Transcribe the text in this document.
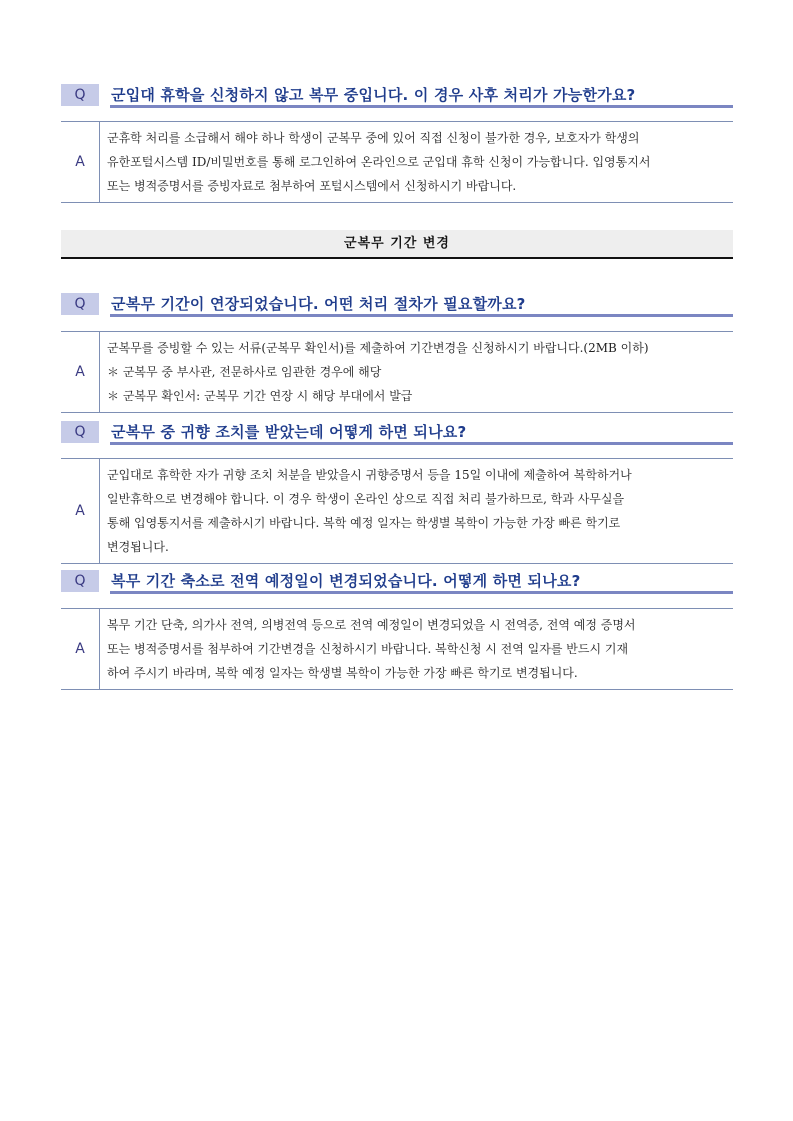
Q	군입대 휴학을 신청하지 않고 복무 중입니다. 이 경우 사후 처리가 가능한가요?
A
군휴학 처리를 소급해서 해야 하나 학생이 군복무 중에 있어 직접 신청이 불가한 경우, 보호자가 학생의
유한포털시스템 ID/비밀번호를 통해 로그인하여 온라인으로 군입대 휴학 신청이 가능합니다. 입영통지서
또는 병적증명서를 증빙자료로 첨부하여 포털시스템에서 신청하시기 바랍니다.
군복무 기간 변경
Q	군복무 기간이 연장되었습니다. 어떤 처리 절차가 필요할까요?
A
군복무를 증빙할 수 있는 서류(군복무 확인서)를 제출하여 기간변경을 신청하시기 바랍니다.(2MB 이하)
＊ 군복무 중 부사관, 전문하사로 임관한 경우에 해당
＊ 군복무 확인서: 군복무 기간 연장 시 해당 부대에서 발급
Q	군복무 중 귀향 조치를 받았는데 어떻게 하면 되나요?
A
군입대로 휴학한 자가 귀향 조치 처분을 받았을시 귀향증명서 등을 15일 이내에 제출하여 복학하거나
일반휴학으로 변경해야 합니다. 이 경우 학생이 온라인 상으로 직접 처리 불가하므로, 학과 사무실을
통해 입영통지서를 제출하시기 바랍니다. 복학 예정 일자는 학생별 복학이 가능한 가장 빠른 학기로
변경됩니다.
Q	복무 기간 축소로 전역 예정일이 변경되었습니다. 어떻게 하면 되나요?
A
복무 기간 단축, 의가사 전역, 의병전역 등으로 전역 예정일이 변경되었을 시 전역증, 전역 예정 증명서
또는 병적증명서를 첨부하여 기간변경을 신청하시기 바랍니다. 복학신청 시 전역 일자를 반드시 기재
하여 주시기 바라며, 복학 예정 일자는 학생별 복학이 가능한 가장 빠른 학기로 변경됩니다.
